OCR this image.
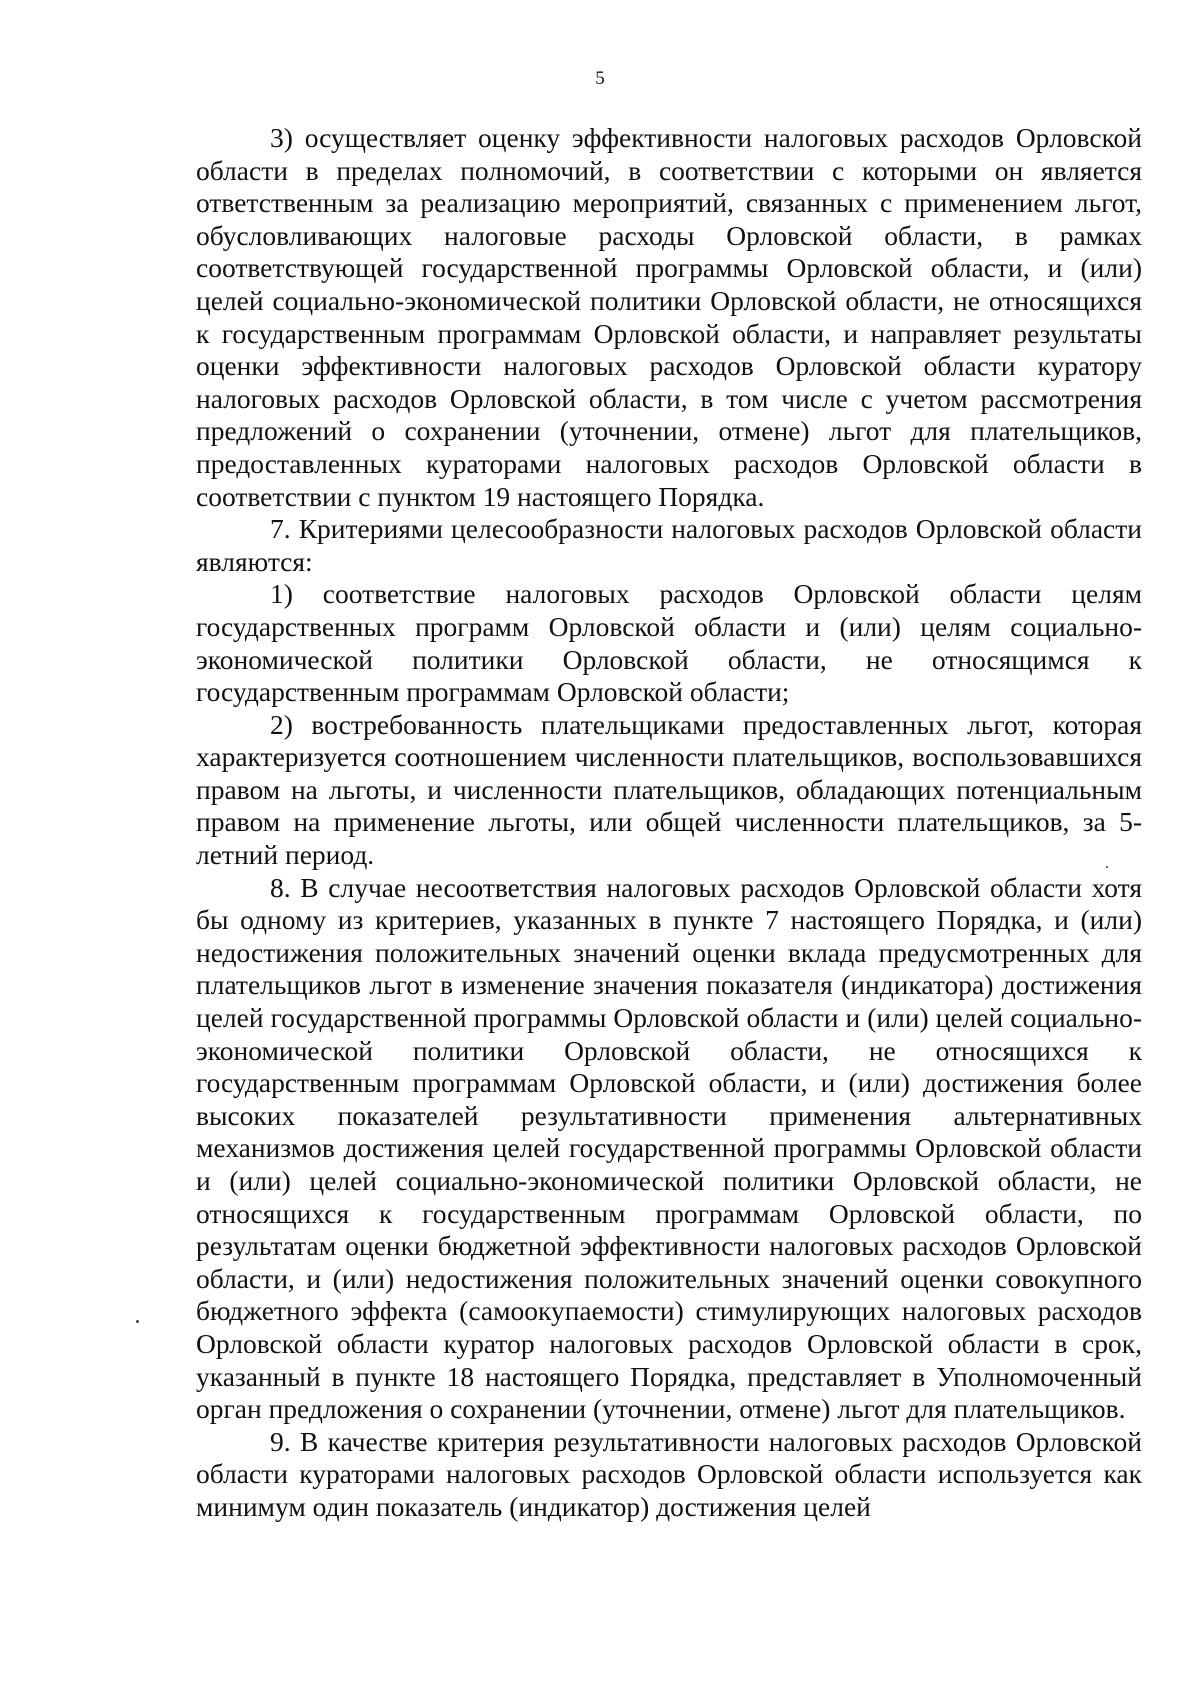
5

3) осуществляет оценку эффективности налоговых расходов Орловской области в пределах полномочий, в соответствии с которыми он является ответственным за реализацию мероприятий, связанных с применением льгот, обусловливающих налоговые расходы Орловской области, в рамках соответствующей государственной программы Орловской области, и (или) целей социально-экономической политики Орловской области, не относящихся к государственным программам Орловской области, и направляет результаты оценки эффективности налоговых расходов Орловской области куратору налоговых расходов Орловской области, в том числе с учетом рассмотрения предложений о сохранении (уточнении, отмене) льгот для плательщиков, предоставленных кураторами налоговых расходов Орловской области в соответствии с пунктом 19 настоящего Порядка.

7. Критериями целесообразности налоговых расходов Орловской области являются:

1) соответствие налоговых расходов Орловской области целям государственных программ Орловской области и (или) целям социально-экономической политики Орловской области, не относящимся к государственным программам Орловской области;

2) востребованность плательщиками предоставленных льгот, которая характеризуется соотношением численности плательщиков, воспользовавшихся правом на льготы, и численности плательщиков, обладающих потенциальным правом на применение льготы, или общей численности плательщиков, за 5-летний период.

8. В случае несоответствия налоговых расходов Орловской области хотя бы одному из критериев, указанных в пункте 7 настоящего Порядка, и (или) недостижения положительных значений оценки вклада предусмотренных для плательщиков льгот в изменение значения показателя (индикатора) достижения целей государственной программы Орловской области и (или) целей социально-экономической политики Орловской области, не относящихся к государственным программам Орловской области, и (или) достижения более высоких показателей результативности применения альтернативных механизмов достижения целей государственной программы Орловской области и (или) целей социально-экономической политики Орловской области, не относящихся к государственным программам Орловской области, по результатам оценки бюджетной эффективности налоговых расходов Орловской области, и (или) недостижения положительных значений оценки совокупного бюджетного эффекта (самоокупаемости) стимулирующих налоговых расходов Орловской области куратор налоговых расходов Орловской области в срок, указанный в пункте 18 настоящего Порядка, представляет в Уполномоченный орган предложения о сохранении (уточнении, отмене) льгот для плательщиков.

9. В качестве критерия результативности налоговых расходов Орловской области кураторами налоговых расходов Орловской области используется как минимум один показатель (индикатор) достижения целей
